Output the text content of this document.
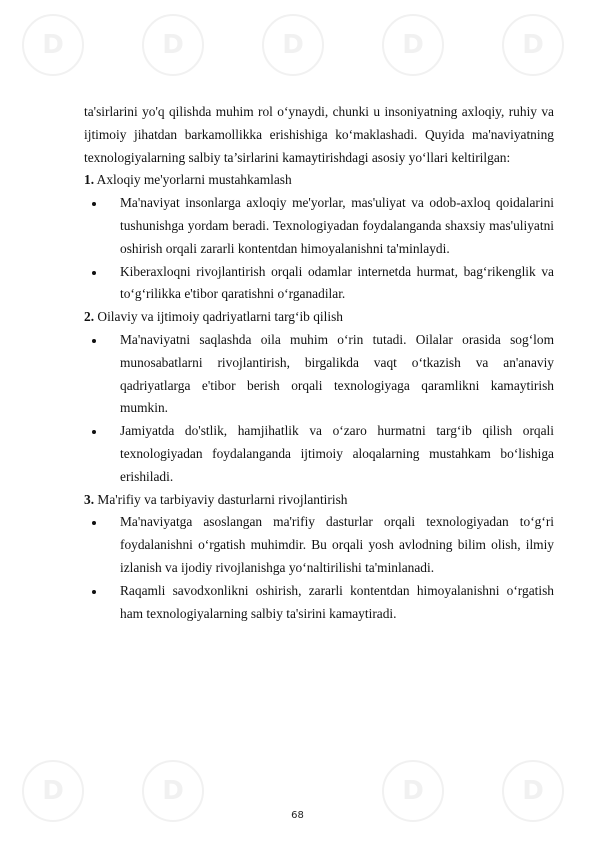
D	D	D	D	D
D	D	D	D

ta'sirlarini yo'q qilishda muhim rol o‘ynaydi, chunki u insoniyatning axloqiy, ruhiy va ijtimoiy jihatdan barkamollikka erishishiga ko‘maklashadi. Quyida ma'naviyatning texnologiyalarning salbiy ta’sirlarini kamaytirishdagi asosiy yo‘llari keltirilgan:

1. Axloqiy me'yorlarni mustahkamlash

Ma'naviyat insonlarga axloqiy me'yorlar, mas'uliyat va odob-axloq qoidalarini tushunishga yordam beradi. Texnologiyadan foydalanganda shaxsiy mas'uliyatni oshirish orqali zararli kontentdan himoyalanishni ta'minlaydi.
Kiberaxloqni rivojlantirish orqali odamlar internetda hurmat, bag‘rikenglik va to‘g‘rilikka e'tibor qaratishni o‘rganadilar.

2. Oilaviy va ijtimoiy qadriyatlarni targ‘ib qilish

Ma'naviyatni saqlashda oila muhim o‘rin tutadi. Oilalar orasida sog‘lom munosabatlarni rivojlantirish, birgalikda vaqt o‘tkazish va an'anaviy qadriyatlarga e'tibor berish orqali texnologiyaga qaramlikni kamaytirish mumkin.
Jamiyatda do'stlik, hamjihatlik va o‘zaro hurmatni targ‘ib qilish orqali texnologiyadan foydalanganda ijtimoiy aloqalarning mustahkam bo‘lishiga erishiladi.

3. Ma'rifiy va tarbiyaviy dasturlarni rivojlantirish

Ma'naviyatga asoslangan ma'rifiy dasturlar orqali texnologiyadan to‘g‘ri foydalanishni o‘rgatish muhimdir. Bu orqali yosh avlodning bilim olish, ilmiy izlanish va ijodiy rivojlanishga yo‘naltirilishi ta'minlanadi.
Raqamli savodxonlikni oshirish, zararli kontentdan himoyalanishni o‘rgatish ham texnologiyalarning salbiy ta'sirini kamaytiradi.
68
